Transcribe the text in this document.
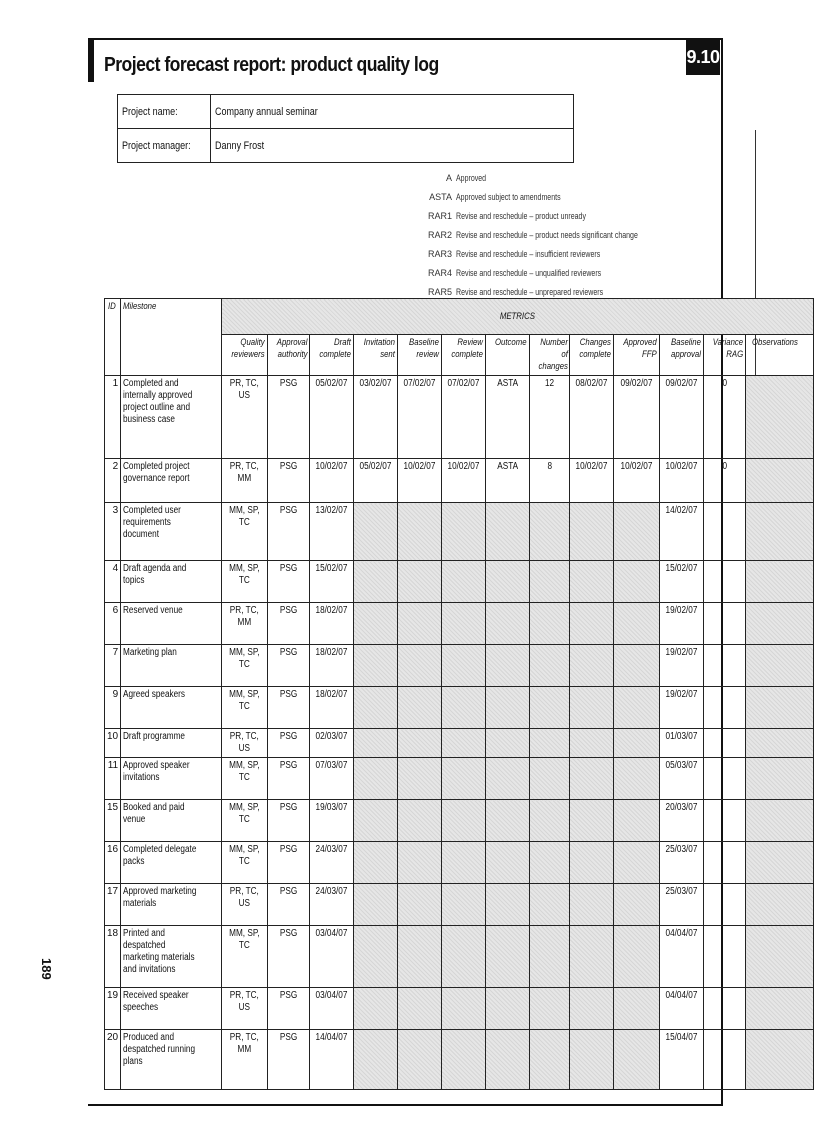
Project forecast report: product quality log	9.10
189
Project name:	Company annual seminar
Project manager:	Danny Frost
A Approved
ASTA Approved subject to amendments
RAR1 Revise and reschedule – product unready
RAR2 Revise and reschedule – product needs significant change
RAR3 Revise and reschedule – insufficient reviewers
RAR4 Revise and reschedule – unqualified reviewers
RAR5 Revise and reschedule – unprepared reviewers
ID	Milestone	METRICS												
		Quality reviewers	Approval authority	Draft complete	Invitation sent	Baseline review	Review complete	Outcome	Number of changes	Changes complete	Approved FFP	Baseline approval	Variance RAG	Observations
1	Completed and internally approved project outline and business case	PR, TC, US	PSG	05/02/07	03/02/07	07/02/07	07/02/07	ASTA	12	08/02/07	09/02/07	09/02/07	0	
2	Completed project governance report	PR, TC, MM	PSG	10/02/07	05/02/07	10/02/07	10/02/07	ASTA	8	10/02/07	10/02/07	10/02/07	0	
3	Completed user requirements document	MM, SP, TC	PSG	13/02/07								14/02/07		
4	Draft agenda and topics	MM, SP, TC	PSG	15/02/07								15/02/07		
6	Reserved venue	PR, TC, MM	PSG	18/02/07								19/02/07		
7	Marketing plan	MM, SP, TC	PSG	18/02/07								19/02/07		
9	Agreed speakers	MM, SP, TC	PSG	18/02/07								19/02/07		
10	Draft programme	PR, TC, US	PSG	02/03/07								01/03/07		
11	Approved speaker invitations	MM, SP, TC	PSG	07/03/07								05/03/07		
15	Booked and paid venue	MM, SP, TC	PSG	19/03/07								20/03/07		
16	Completed delegate packs	MM, SP, TC	PSG	24/03/07								25/03/07		
17	Approved marketing materials	PR, TC, US	PSG	24/03/07								25/03/07		
18	Printed and despatched marketing materials and invitations	MM, SP, TC	PSG	03/04/07								04/04/07		
19	Received speaker speeches	PR, TC, US	PSG	03/04/07								04/04/07		
20	Produced and despatched running plans	PR, TC, MM	PSG	14/04/07								15/04/07		
